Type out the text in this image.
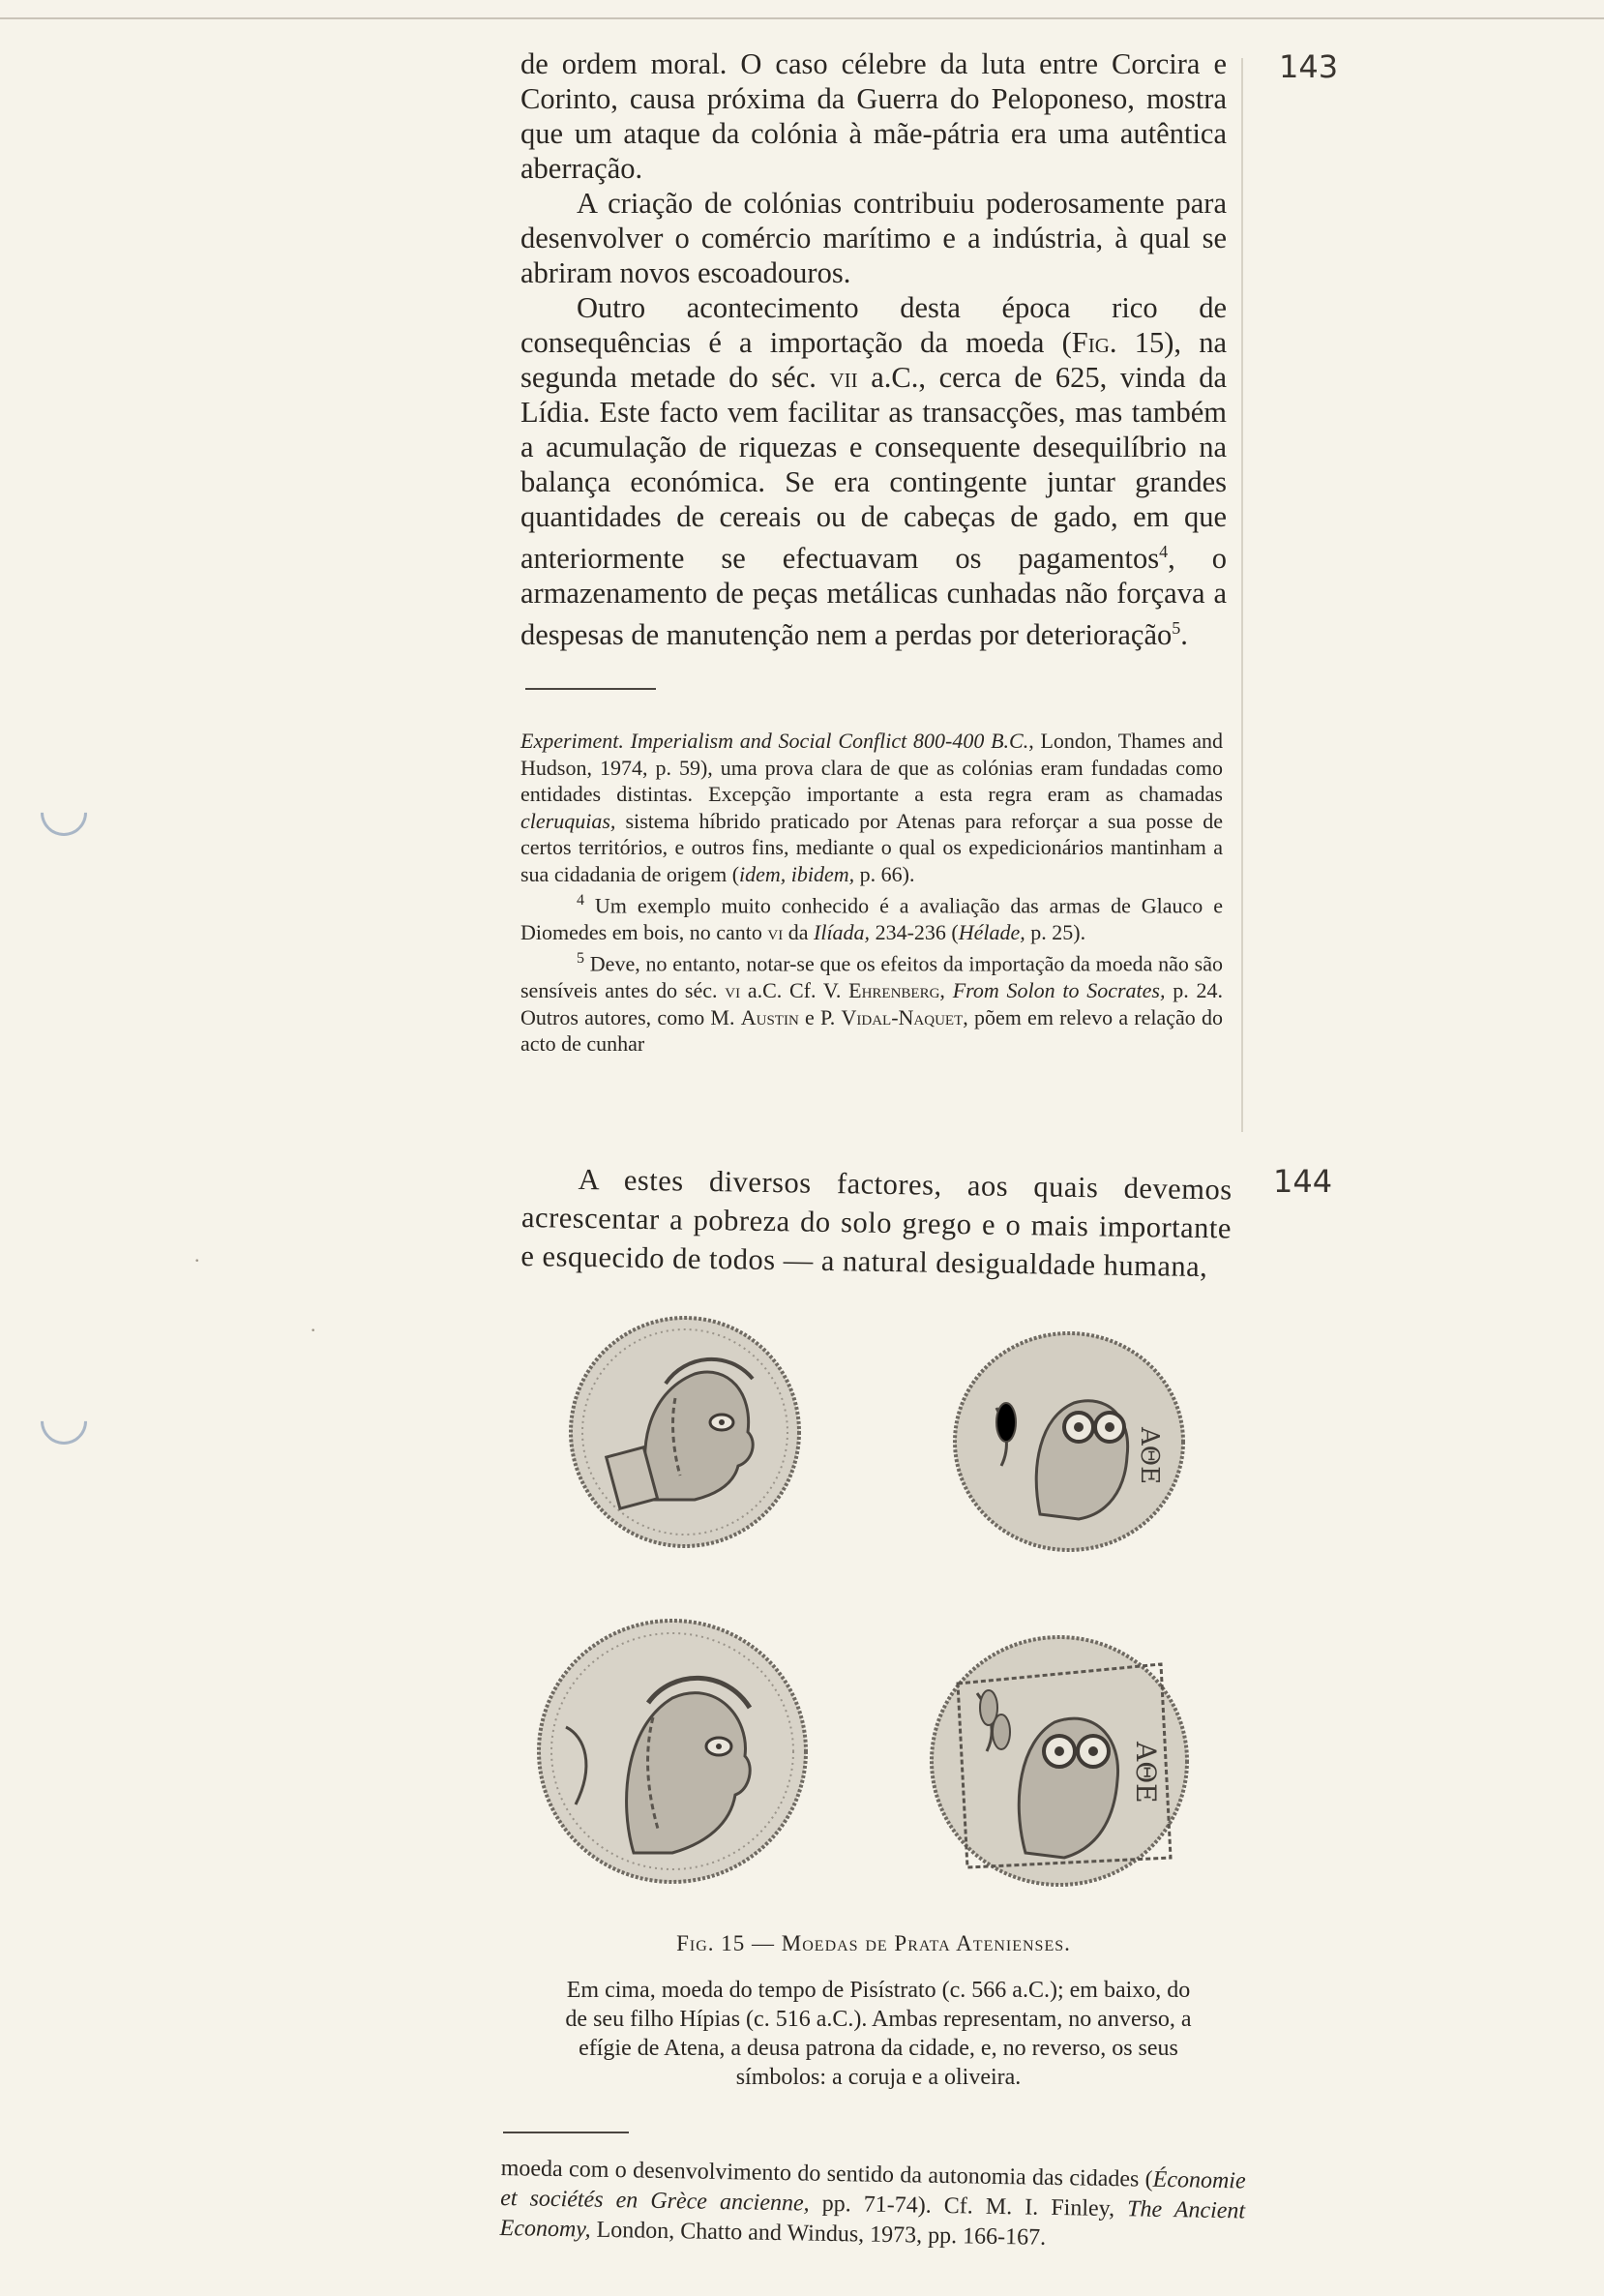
·
·
143
144

de ordem moral. O caso célebre da luta entre Corcira e Corinto, causa próxima da Guerra do Peloponeso, mostra que um ataque da colónia à mãe-pátria era uma autêntica aberração.

A criação de colónias contribuiu poderosamente para desenvolver o comércio marítimo e a indústria, à qual se abriram novos escoadouros.

Outro acontecimento desta época rico de consequências é a importação da moeda (Fig. 15), na segunda metade do séc. vii a.C., cerca de 625, vinda da Lídia. Este facto vem facilitar as transacções, mas também a acumulação de riquezas e consequente desequilíbrio na balança económica. Se era contingente juntar grandes quantidades de cereais ou de cabeças de gado, em que anteriormente se efectuavam os pagamentos$^4$, o armazenamento de peças metálicas cunhadas não forçava a despesas de manutenção nem a perdas por deterioração$^5$.

Experiment. Imperialism and Social Conflict 800-400 B.C., London, Thames and Hudson, 1974, p. 59), uma prova clara de que as colónias eram fundadas como entidades distintas. Excepção importante a esta regra eram as chamadas cleruquias, sistema híbrido praticado por Atenas para reforçar a sua posse de certos territórios, e outros fins, mediante o qual os expedicionários mantinham a sua cidadania de origem (idem, ibidem, p. 66).

$^4$ Um exemplo muito conhecido é a avaliação das armas de Glauco e Diomedes em bois, no canto vi da Ilíada, 234-236 (Hélade, p. 25).

$^5$ Deve, no entanto, notar-se que os efeitos da importação da moeda não são sensíveis antes do séc. vi a.C. Cf. V. Ehrenberg, From Solon to Socrates, p. 24. Outros autores, como M. Austin e P. Vidal-Naquet, põem em relevo a relação do acto de cunhar

A estes diversos factores, aos quais devemos acrescentar a pobreza do solo grego e o mais importante e esquecido de todos — a natural desigualdade humana,

ΑΘΕ
ΑΘΕ
Fig. 15 — Moedas de Prata Atenienses.

Em cima, moeda do tempo de Pisístrato (c. 566 a.C.); em baixo, do de seu filho Hípias (c. 516 a.C.). Ambas representam, no anverso, a efígie de Atena, a deusa patrona da cidade, e, no reverso, os seus símbolos: a coruja e a oliveira.

moeda com o desenvolvimento do sentido da autonomia das cidades (Économie et sociétés en Grèce ancienne, pp. 71-74). Cf. M. I. Finley, The Ancient Economy, London, Chatto and Windus, 1973, pp. 166-167.
